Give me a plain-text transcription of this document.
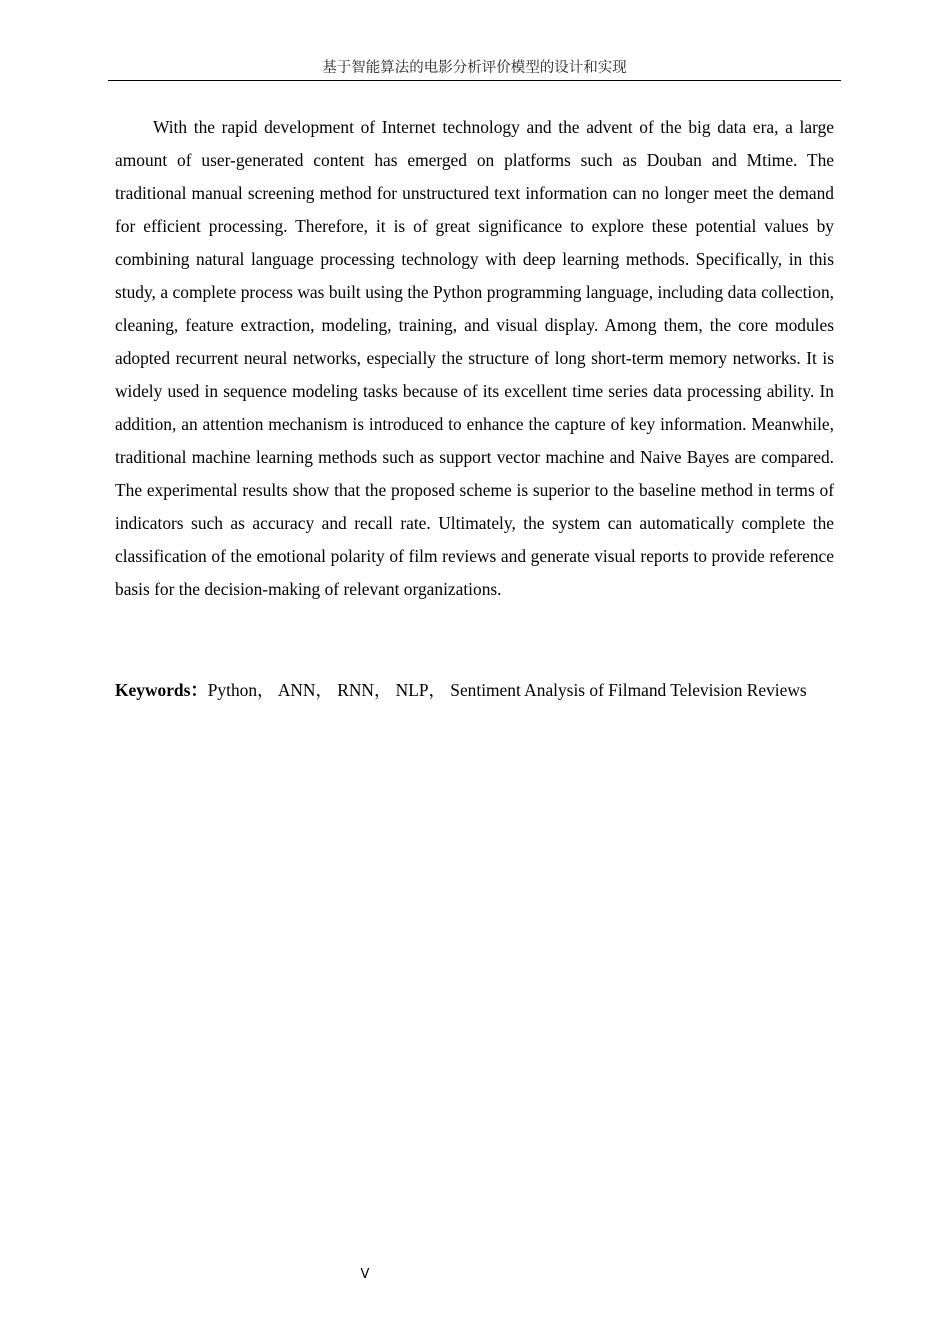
基于智能算法的电影分析评价模型的设计和实现

With the rapid development of Internet technology and the advent of the big data era, a large amount of user-generated content has emerged on platforms such as Douban and Mtime. The traditional manual screening method for unstructured text information can no longer meet the demand for efficient processing. Therefore, it is of great significance to explore these potential values by combining natural language processing technology with deep learning methods. Specifically, in this study, a complete process was built using the Python programming language, including data collection, cleaning, feature extraction, modeling, training, and visual display. Among them, the core modules adopted recurrent neural networks, especially the structure of long short-term memory networks. It is widely used in sequence modeling tasks because of its excellent time series data processing ability. In addition, an attention mechanism is introduced to enhance the capture of key information. Meanwhile, traditional machine learning methods such as support vector machine and Naive Bayes are compared. The experimental results show that the proposed scheme is superior to the baseline method in terms of indicators such as accuracy and recall rate. Ultimately, the system can automatically complete the classification of the emotional polarity of film reviews and generate visual reports to provide reference basis for the decision-making of relevant organizations.

Keywords：Python， ANN， RNN， NLP， Sentiment Analysis of Filmand Television Reviews

V
